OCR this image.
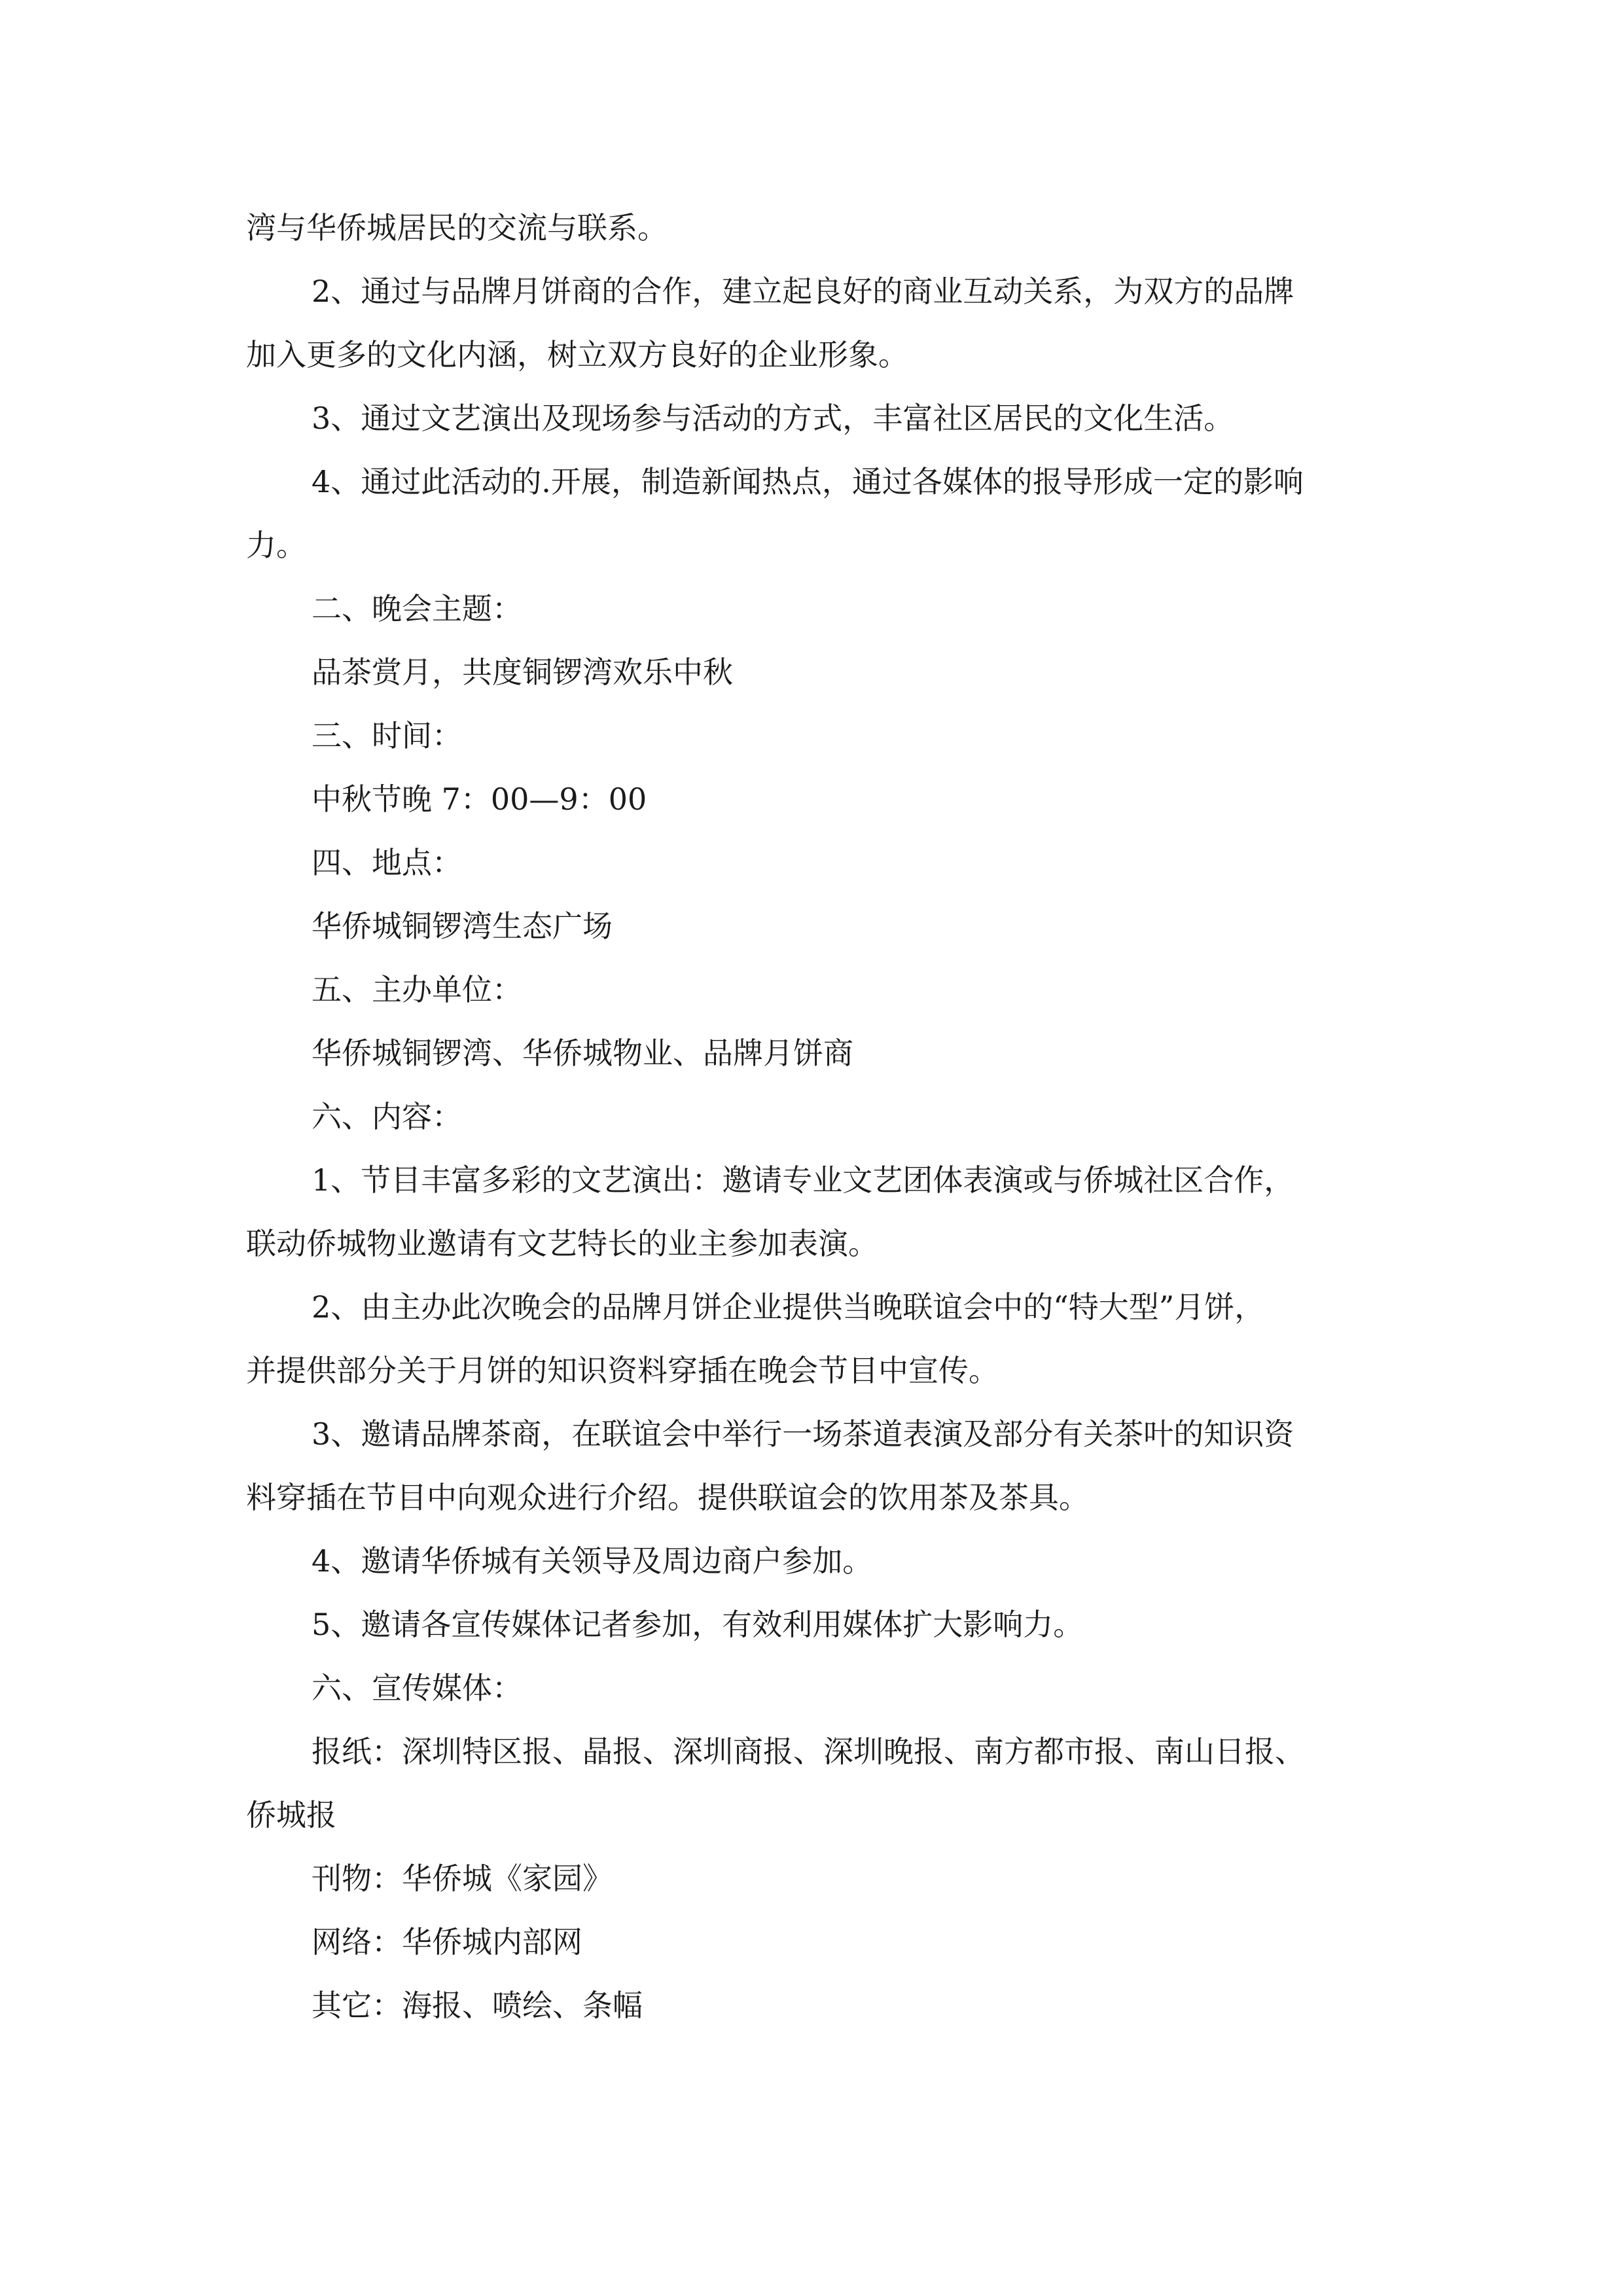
湾与华侨城居民的交流与联系。
2、通过与品牌月饼商的合作，建立起良好的商业互动关系，为双方的品牌
加入更多的文化内涵，树立双方良好的企业形象。
3、通过文艺演出及现场参与活动的方式，丰富社区居民的文化生活。
4、通过此活动的.开展，制造新闻热点，通过各媒体的报导形成一定的影响
力。
二、晚会主题：
品茶赏月，共度铜锣湾欢乐中秋
三、时间：
中秋节晚 7：00—9：00
四、地点：
华侨城铜锣湾生态广场
五、主办单位：
华侨城铜锣湾、华侨城物业、品牌月饼商
六、内容：
1、节目丰富多彩的文艺演出：邀请专业文艺团体表演或与侨城社区合作，
联动侨城物业邀请有文艺特长的业主参加表演。
2、由主办此次晚会的品牌月饼企业提供当晚联谊会中的“特大型”月饼，
并提供部分关于月饼的知识资料穿插在晚会节目中宣传。
3、邀请品牌茶商，在联谊会中举行一场茶道表演及部分有关茶叶的知识资
料穿插在节目中向观众进行介绍。提供联谊会的饮用茶及茶具。
4、邀请华侨城有关领导及周边商户参加。
5、邀请各宣传媒体记者参加，有效利用媒体扩大影响力。
六、宣传媒体：
报纸：深圳特区报、晶报、深圳商报、深圳晚报、南方都市报、南山日报、
侨城报
刊物：华侨城《家园》
网络：华侨城内部网
其它：海报、喷绘、条幅
